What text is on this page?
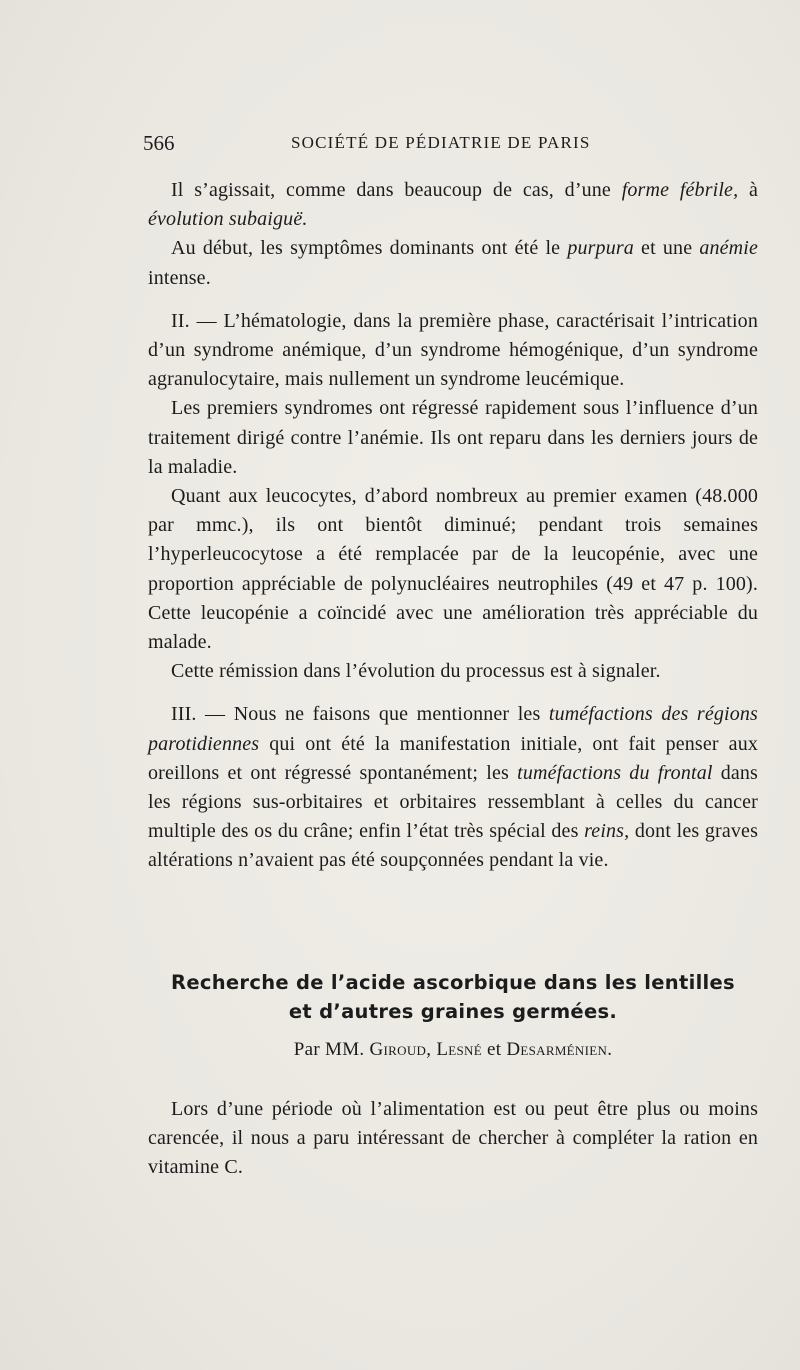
566	SOCIÉTÉ DE PÉDIATRIE DE PARIS

Il s’agissait, comme dans beaucoup de cas, d’une forme fébrile, à évolution subaiguë.

Au début, les symptômes dominants ont été le purpura et une anémie intense.

II. — L’hématologie, dans la première phase, caractérisait l’intrication d’un syndrome anémique, d’un syndrome hémogénique, d’un syndrome agranulocytaire, mais nullement un syndrome leucémique.

Les premiers syndromes ont régressé rapidement sous l’influence d’un traitement dirigé contre l’anémie. Ils ont reparu dans les derniers jours de la maladie.

Quant aux leucocytes, d’abord nombreux au premier examen (48.000 par mmc.), ils ont bientôt diminué; pendant trois semaines l’hyperleucocytose a été remplacée par de la leucopénie, avec une proportion appréciable de polynucléaires neutrophiles (49 et 47 p. 100). Cette leucopénie a coïncidé avec une amélioration très appréciable du malade.

Cette rémission dans l’évolution du processus est à signaler.

III. — Nous ne faisons que mentionner les tuméfactions des régions parotidiennes qui ont été la manifestation initiale, ont fait penser aux oreillons et ont régressé spontanément; les tuméfactions du frontal dans les régions sus-orbitaires et orbitaires ressemblant à celles du cancer multiple des os du crâne; enfin l’état très spécial des reins, dont les graves altérations n’avaient pas été soupçonnées pendant la vie.

Recherche de l’acide ascorbique dans les lentilles
et d’autres graines germées.
Par MM. Giroud, Lesné et Desarménien.

Lors d’une période où l’alimentation est ou peut être plus ou moins carencée, il nous a paru intéressant de chercher à compléter la ration en vitamine C.
